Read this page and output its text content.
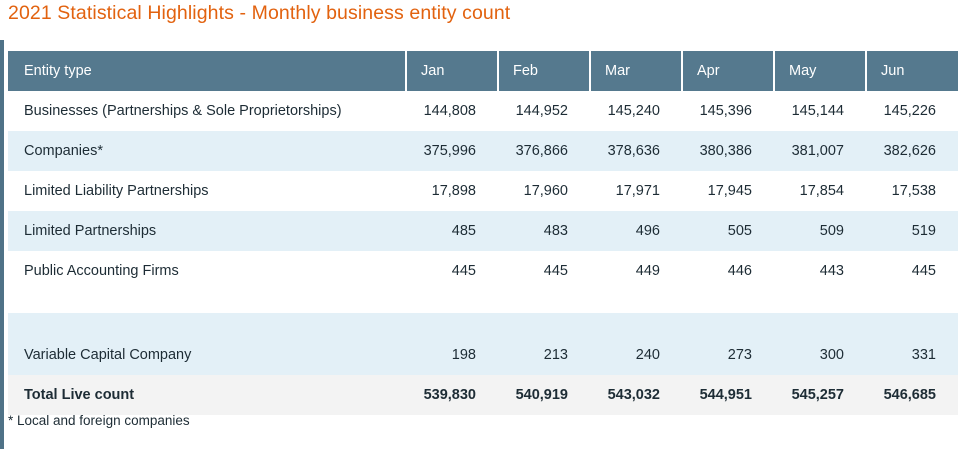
2021 Statistical Highlights - Monthly business entity count
Entity type	Jan	Feb	Mar	Apr	May	Jun
Businesses (Partnerships & Sole Proprietorships)	144,808	144,952	145,240	145,396	145,144	145,226
Companies*	375,996	376,866	378,636	380,386	381,007	382,626
Limited Liability Partnerships	17,898	17,960	17,971	17,945	17,854	17,538
Limited Partnerships	485	483	496	505	509	519
Public Accounting Firms	445	445	449	446	443	445

Variable Capital Company	198	213	240	273	300	331
Total Live count	539,830	540,919	543,032	544,951	545,257	546,685
* Local and foreign companies
